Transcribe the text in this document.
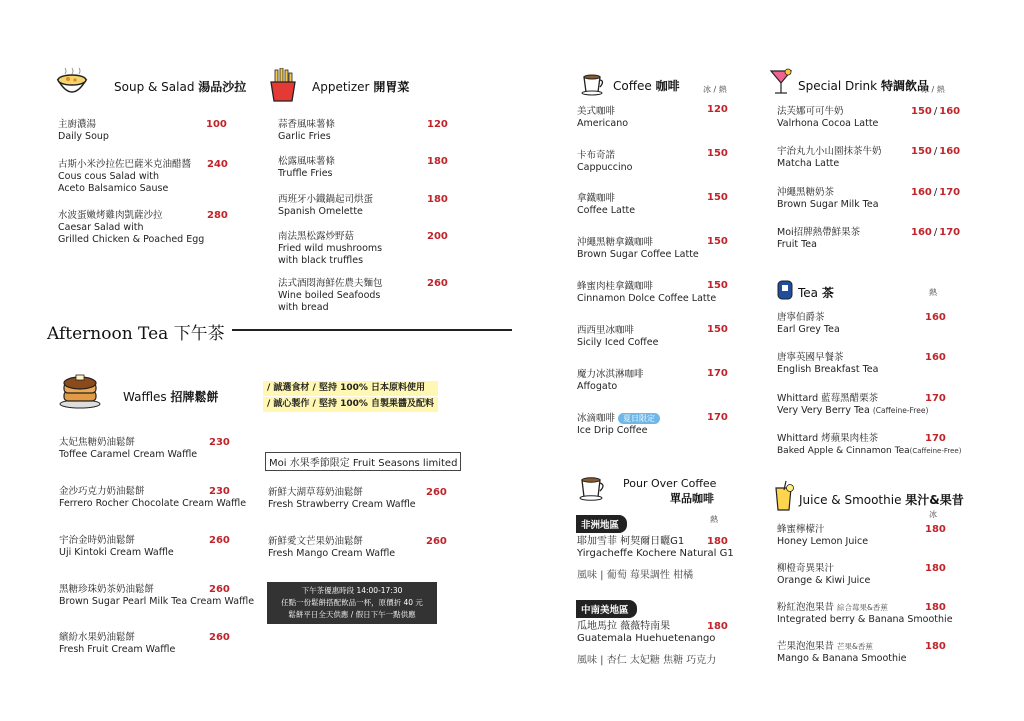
Soup & Salad 湯品沙拉
主廚濃湯
Daily Soup
100
古斯小米沙拉佐巴薩米克油醋醬
Cous cous Salad with
Aceto Balsamico Sause
240
水波蛋嫩烤雞肉凱薩沙拉
Caesar Salad with
Grilled Chicken & Poached Egg
280
Appetizer 開胃菜
蒜香風味薯條
Garlic Fries
120
松露風味薯條
Truffle Fries
180
西班牙小鐵鍋起司烘蛋
Spanish Omelette
180
南法黑松露炒野菇
Fried wild mushrooms
with black truffles
200
法式酒悶海鮮佐農夫麵包
Wine boiled Seafoods
with bread
260
Afternoon Tea 下午茶
Waffles 招牌鬆餅
/ 誠選食材 / 堅持 100% 日本原料使用
/ 誠心製作 / 堅持 100% 自製果醬及配料
太妃焦糖奶油鬆餅
Toffee Caramel Cream Waffle
230
金沙巧克力奶油鬆餅
Ferrero Rocher Chocolate Cream Waffle
230
宇治金時奶油鬆餅
Uji Kintoki Cream Waffle
260
黑糖珍珠奶茶奶油鬆餅
Brown Sugar Pearl Milk Tea Cream Waffle
260
繽紛水果奶油鬆餅
Fresh Fruit Cream Waffle
260
Moi 水果季節限定 Fruit Seasons limited
新鮮大湖草莓奶油鬆餅
Fresh Strawberry Cream Waffle
260
新鮮愛文芒果奶油鬆餅
Fresh Mango Cream Waffle
260
下午茶優惠時段 14:00-17:30
任點一份鬆餅搭配飲品一杯，原價折 40 元
鬆餅平日全天供應 / 假日下午一點供應
Coffee 咖啡	冰 / 熱
美式咖啡
Americano
120
卡布奇諾
Cappuccino
150
拿鐵咖啡
Coffee Latte
150
沖繩黑糖拿鐵咖啡
Brown Sugar Coffee Latte
150
蜂蜜肉桂拿鐵咖啡
Cinnamon Dolce Coffee Latte
150
西西里冰咖啡
Sicily Iced Coffee
150
魔力冰淇淋咖啡
Affogato
170
冰滴咖啡 夏日限定
Ice Drip Coffee
170
Pour Over Coffee
單品咖啡
熱
非洲地區
耶加雪菲 柯契爾日曬G1
Yirgacheffe Kochere Natural G1
風味 | 葡萄 莓果調性 柑橘
180
中南美地區
瓜地馬拉 薇薇特南果
Guatemala Huehuetenango
風味 | 杏仁 太妃糖 焦糖 巧克力
180
Special Drink 特調飲品
冰 / 熱
法芙娜可可牛奶
Valrhona Cocoa Latte
150 / 160
宇治丸九小山園抹茶牛奶
Matcha Latte
150 / 160
沖繩黑糖奶茶
Brown Sugar Milk Tea
160 / 170
Moi招牌熱帶鮮果茶
Fruit Tea
160 / 170
Tea 茶	熱
唐寧伯爵茶
Earl Grey Tea
160
唐寧英國早餐茶
English Breakfast Tea
160
Whittard 藍莓黑醋栗茶
Very Very Berry Tea (Caffeine-Free)
170
Whittard 烤蘋果肉桂茶
Baked Apple & Cinnamon Tea(Caffeine-Free)
170
Juice & Smoothie 果汁&果昔
冰
蜂蜜檸檬汁
Honey Lemon Juice
180
柳橙奇異果汁
Orange & Kiwi Juice
180
粉紅泡泡果昔 綜合莓果&香蕉
Integrated berry & Banana Smoothie
180
芒果泡泡果昔 芒果&香蕉
Mango & Banana Smoothie
180
